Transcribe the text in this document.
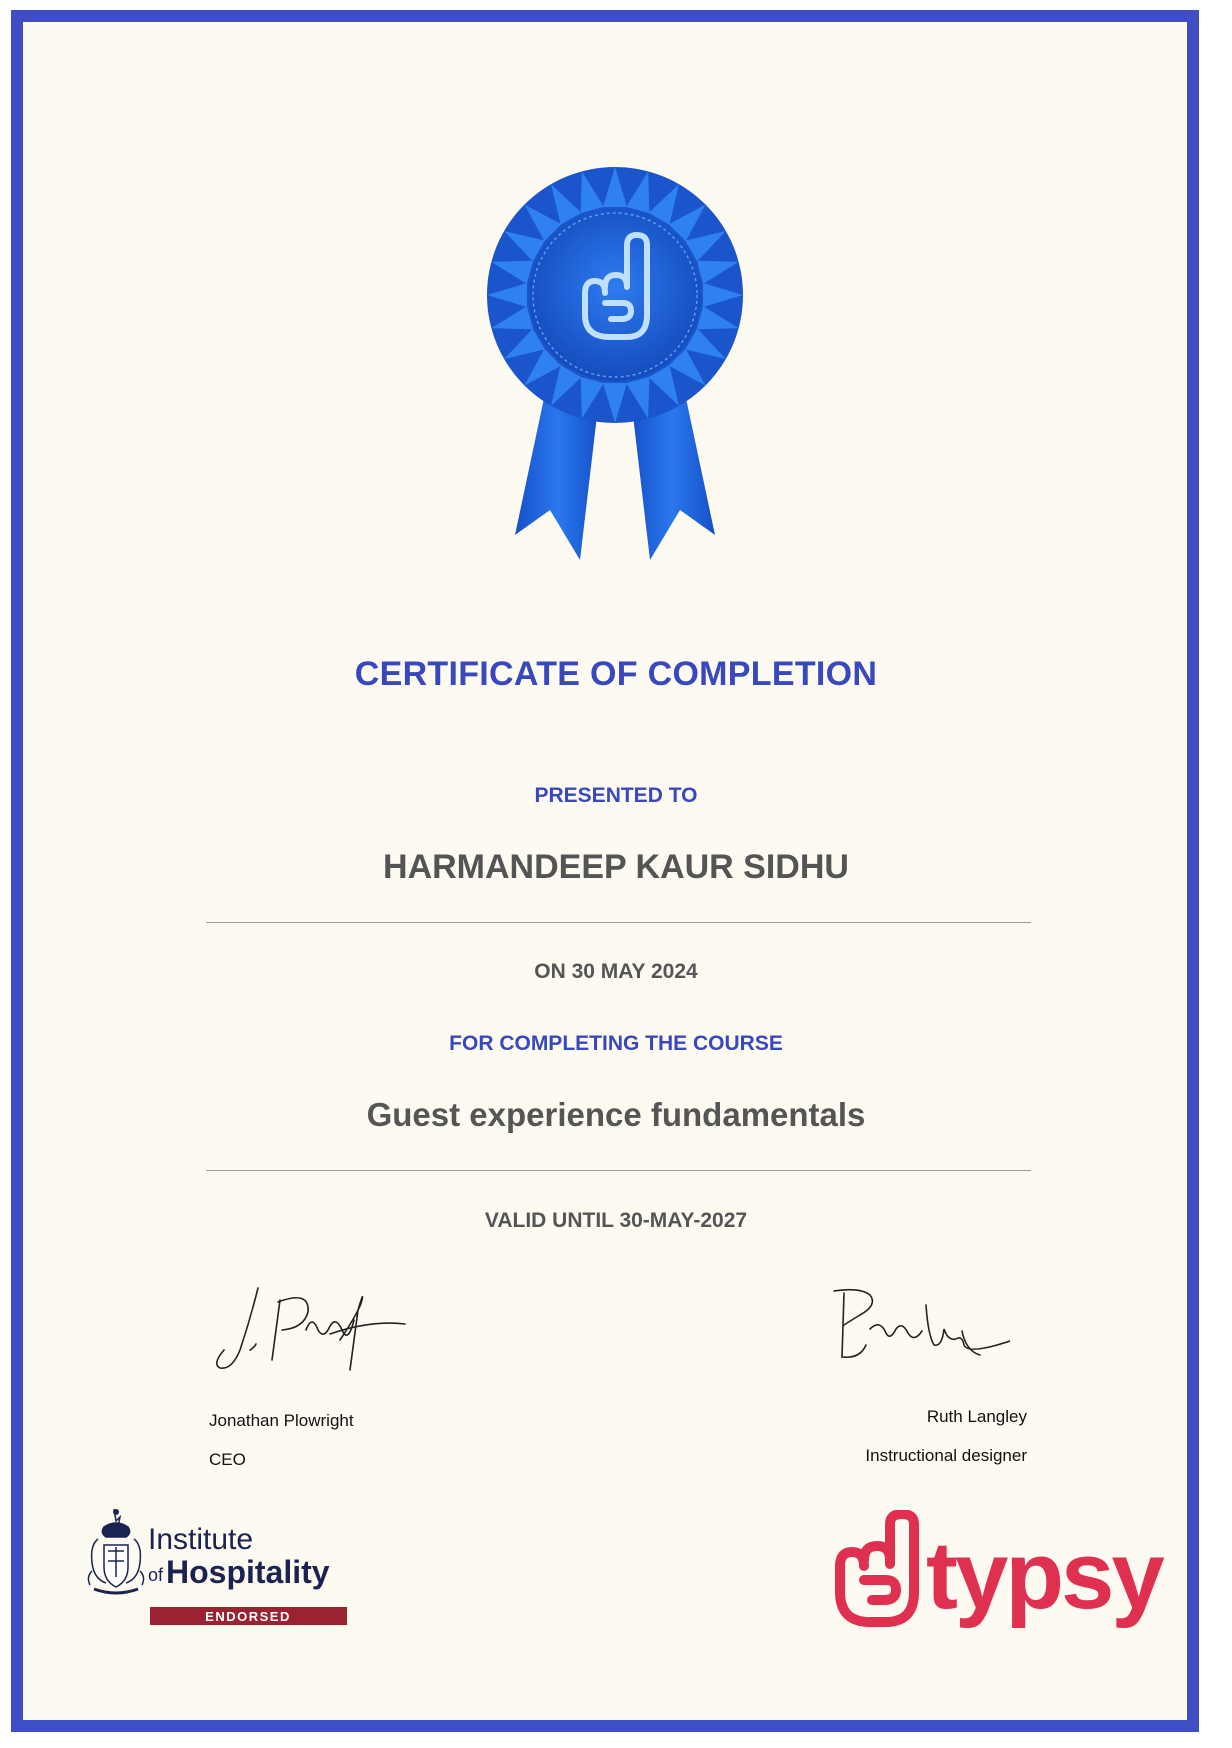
CERTIFICATE OF COMPLETION
PRESENTED TO
HARMANDEEP KAUR SIDHU
ON 30 MAY 2024
FOR COMPLETING THE COURSE
Guest experience fundamentals
VALID UNTIL 30-MAY-2027
Jonathan Plowright
CEO
Ruth Langley
Instructional designer
Institute
of Hospitality
ENDORSED	typsy
